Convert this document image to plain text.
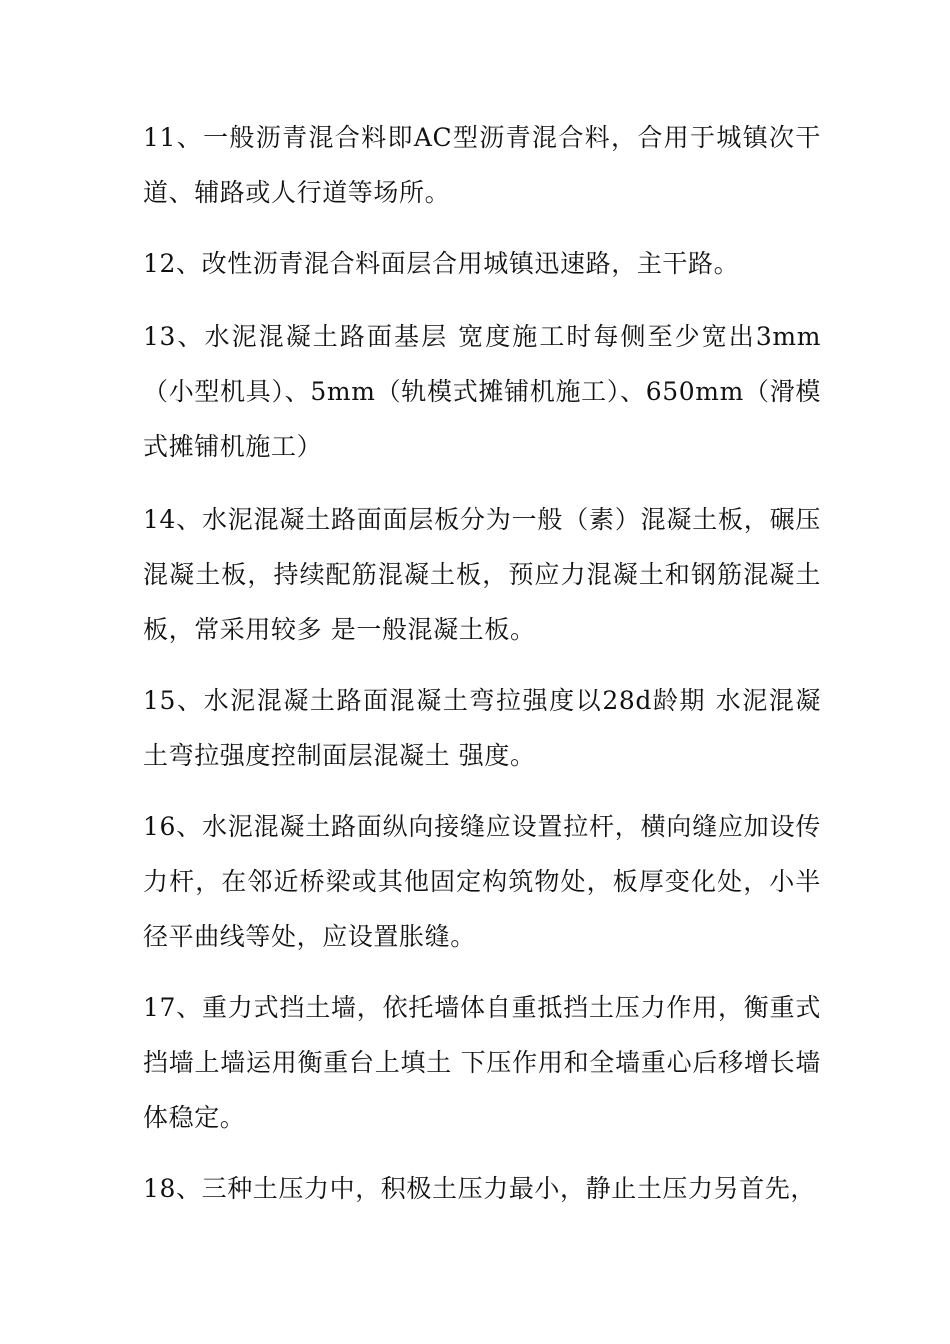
11、一般沥青混合料即AC型沥青混合料，合用于城镇次干道、辅路或人行道等场所。

12、改性沥青混合料面层合用城镇迅速路，主干路。

13、水泥混凝土路面基层 宽度施工时每侧至少宽出3mm（小型机具）、5mm（轨模式摊铺机施工）、650mm（滑模式摊铺机施工）

14、水泥混凝土路面面层板分为一般（素）混凝土板，碾压混凝土板，持续配筋混凝土板，预应力混凝土和钢筋混凝土板，常采用较多 是一般混凝土板。

15、水泥混凝土路面混凝土弯拉强度以28d龄期 水泥混凝土弯拉强度控制面层混凝土 强度。

16、水泥混凝土路面纵向接缝应设置拉杆，横向缝应加设传力杆，在邻近桥梁或其他固定构筑物处，板厚变化处，小半径平曲线等处，应设置胀缝。

17、重力式挡土墙，依托墙体自重抵挡土压力作用，衡重式挡墙上墙运用衡重台上填土 下压作用和全墙重心后移增长墙体稳定。

18、三种土压力中，积极土压力最小，静止土压力另首先，
